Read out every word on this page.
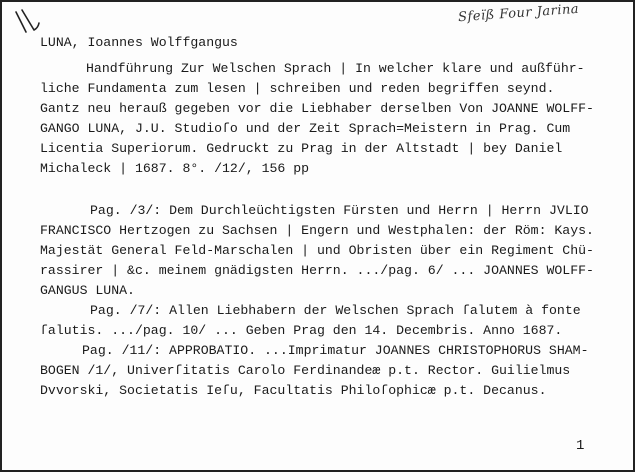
Sfeïß Four Jarina
LUNA, Ioannes Wolffgangus
Handführung Zur Welschen Sprach | In welcher klare und außführ-
liche Fundamenta zum lesen | schreiben und reden begriffen seynd.
Gantz neu herauß gegeben vor die Liebhaber derselben Von JOANNE WOLFF-
GANGO LUNA, J.U. Studioſo und der Zeit Sprach=Meistern in Prag. Cum
Licentia Superiorum. Gedruckt zu Prag in der Altstadt | bey Daniel
Michaleck | 1687. 8°. /12/, 156 pp
Pag. /3/: Dem Durchleüchtigsten Fürsten und Herrn | Herrn JVLIO
FRANCISCO Hertzogen zu Sachsen | Engern und Westphalen: der Röm: Kays.
Majestät General Feld-Marschalen | und Obristen über ein Regiment Chü-
rassirer | &c. meinem gnädigsten Herrn. .../pag. 6/ ... JOANNES WOLFF-
GANGUS LUNA.
Pag. /7/: Allen Liebhabern der Welschen Sprach ſalutem à fonte
ſalutis. .../pag. 10/ ... Geben Prag den 14. Decembris. Anno 1687.
Pag. /11/: APPROBATIO. ...Imprimatur JOANNES CHRISTOPHORUS SHAM-
BOGEN /1/, Univerſitatis Carolo Ferdinandeæ p.t. Rector. Guilielmus
Dvvorski, Societatis Ieſu, Facultatis Philoſophicæ p.t. Decanus.
1
